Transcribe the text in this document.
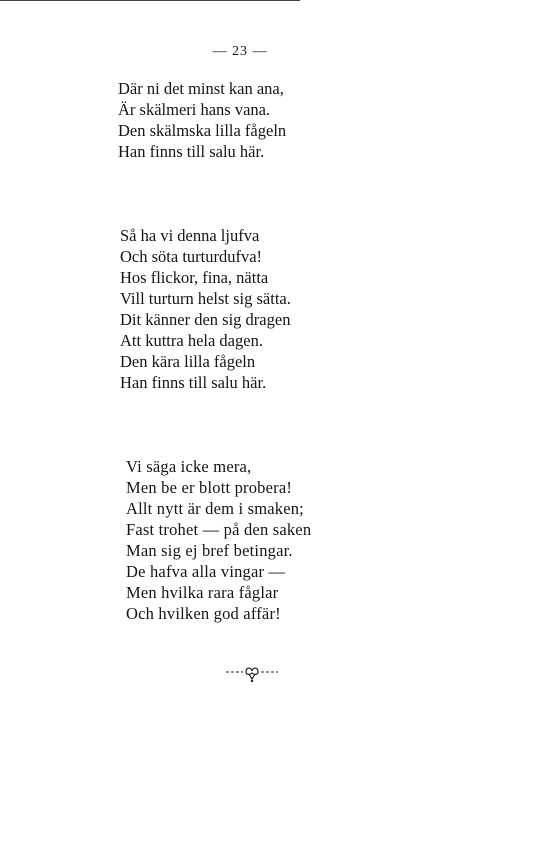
— 23 —
Där ni det minst kan ana,
Är skälmeri hans vana.
Den skälmska lilla fågeln
Han finns till salu här.
Så ha vi denna ljufva
Och söta turturdufva!
Hos flickor, fina, nätta
Vill turturn helst sig sätta.
Dit känner den sig dragen
Att kuttra hela dagen.
Den kära lilla fågeln
Han finns till salu här.
Vi säga icke mera,
Men be er blott probera!
Allt nytt är dem i smaken;
Fast trohet — på den saken
Man sig ej bref betingar.
De hafva alla vingar —
Men hvilka rara fåglar
Och hvilken god affär!
